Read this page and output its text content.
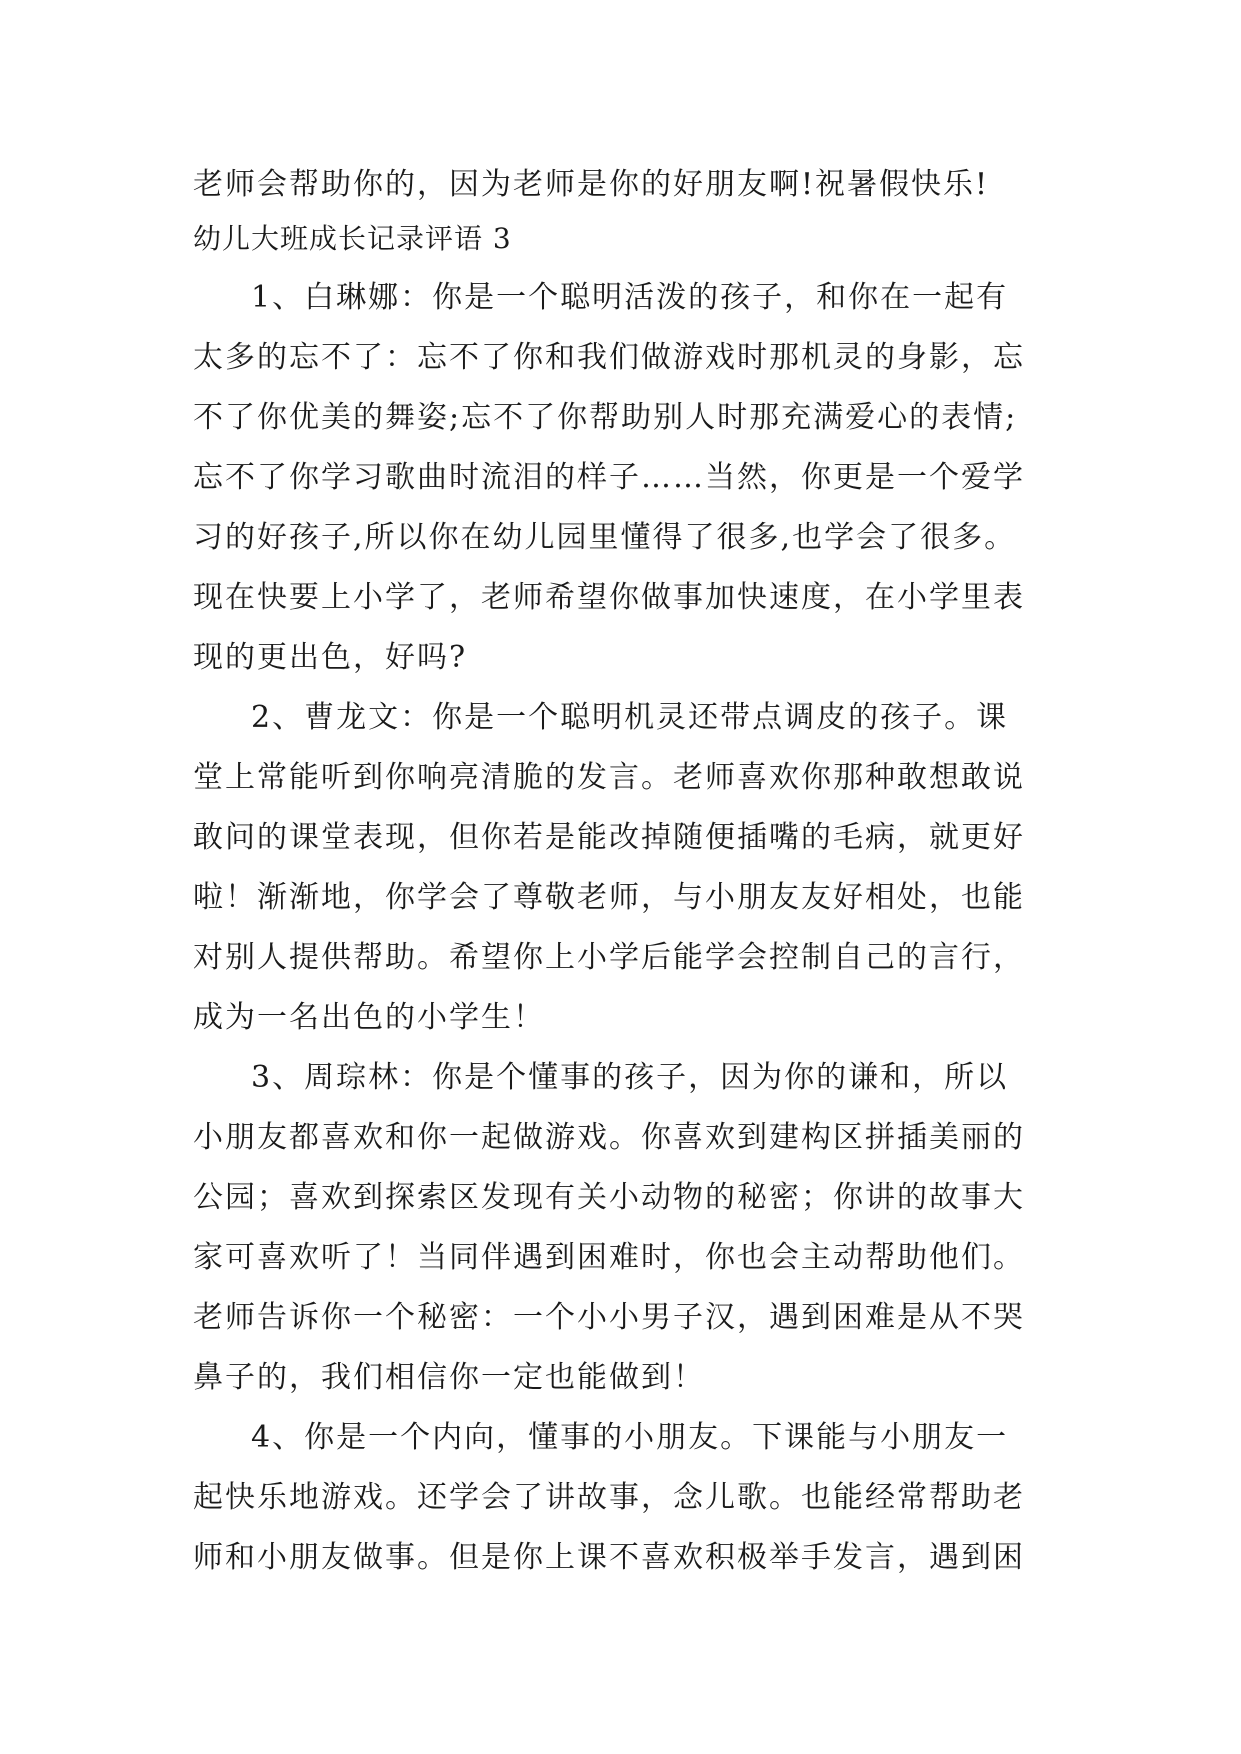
老师会帮助你的，因为老师是你的好朋友啊!祝暑假快乐!
幼儿大班成长记录评语 3
1、白琳娜：你是一个聪明活泼的孩子，和你在一起有
太多的忘不了：忘不了你和我们做游戏时那机灵的身影，忘
不了你优美的舞姿;忘不了你帮助别人时那充满爱心的表情;
忘不了你学习歌曲时流泪的样子……当然，你更是一个爱学
习的好孩子,所以你在幼儿园里懂得了很多,也学会了很多。
现在快要上小学了，老师希望你做事加快速度，在小学里表
现的更出色，好吗?
2、曹龙文：你是一个聪明机灵还带点调皮的孩子。课
堂上常能听到你响亮清脆的发言。老师喜欢你那种敢想敢说
敢问的课堂表现，但你若是能改掉随便插嘴的毛病，就更好
啦！渐渐地，你学会了尊敬老师，与小朋友友好相处，也能
对别人提供帮助。希望你上小学后能学会控制自己的言行，
成为一名出色的小学生！
3、周琮林：你是个懂事的孩子，因为你的谦和，所以
小朋友都喜欢和你一起做游戏。你喜欢到建构区拼插美丽的
公园；喜欢到探索区发现有关小动物的秘密；你讲的故事大
家可喜欢听了！当同伴遇到困难时，你也会主动帮助他们。
老师告诉你一个秘密：一个小小男子汉，遇到困难是从不哭
鼻子的，我们相信你一定也能做到！
4、你是一个内向，懂事的小朋友。下课能与小朋友一
起快乐地游戏。还学会了讲故事，念儿歌。也能经常帮助老
师和小朋友做事。但是你上课不喜欢积极举手发言，遇到困
